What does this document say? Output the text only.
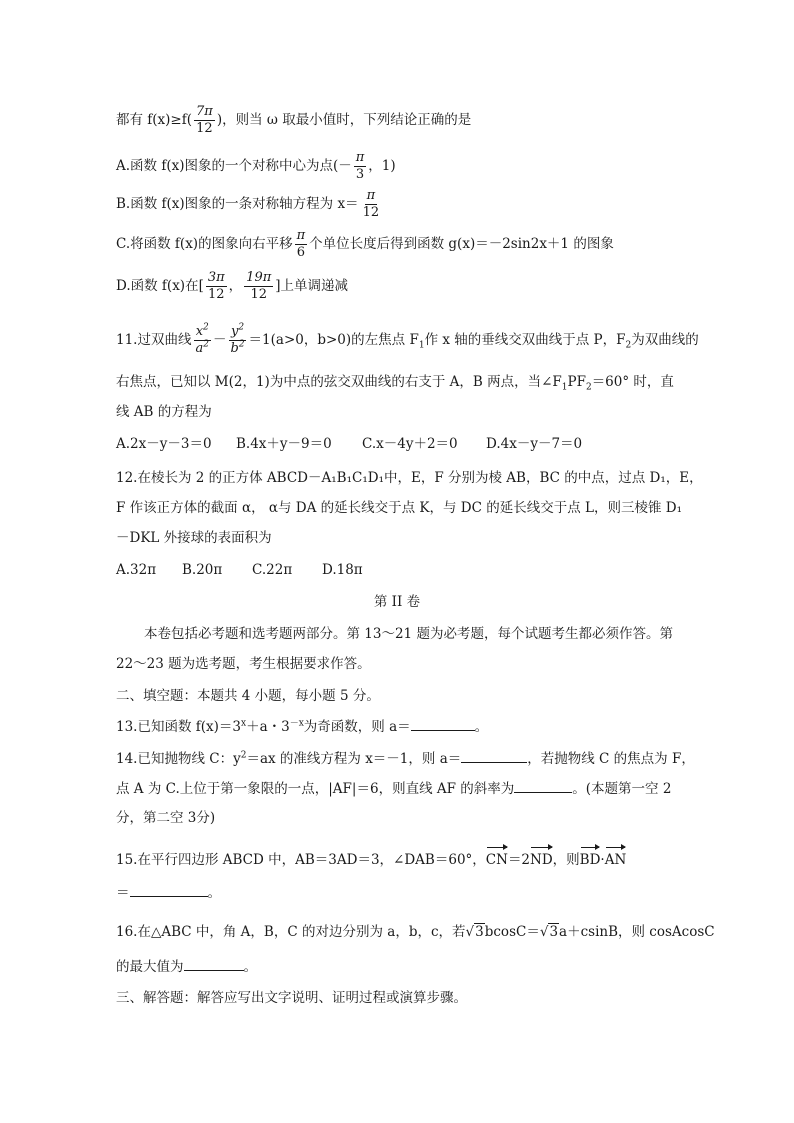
都有 $f(x)\ge f( \frac{7\pi}{12}$ )，则当 ω 取最小值时，下列结论正确的是
A.函数 f(x)图象的一个对称中心为点(－ $\frac{\pi}{3}$ ，1)
B.函数 f(x)图象的一条对称轴方程为 $x= \frac{\pi}{12}$
C.将函数 f(x)的图象向右平移 $\frac{\pi}{6}$ 个单位长度后得到函数 g(x)＝－2sin2x＋1 的图象
D.函数 f(x)在[ $\frac{3\pi}{12}$ ， $\frac{19\pi}{12}$ ]上单调递减
11.过双曲线 $\frac{x^2}{a^2} - \frac{y^2}{b^2} =1(a>0$，b>0)的左焦点 $F_1$作 x 轴的垂线交双曲线于点 P，$F_2$为双曲线的
右焦点，已知以 M(2，1)为中点的弦交双曲线的右支于 A，B 两点，当$\angle F_1PF_2=60^\circ$ 时，直
线 AB 的方程为
A.2x－y－3＝0 B.4x＋y－9＝0 C.x－4y＋2＝0 D.4x－y－7＝0
12.在棱长为 2 的正方体 ABCD－A₁B₁C₁D₁中，E，F 分别为棱 AB，BC 的中点，过点 D₁，E，
F 作该正方体的截面 α， α与 DA 的延长线交于点 K，与 DC 的延长线交于点 L，则三棱锥 D₁
－DKL 外接球的表面积为
A.32π B.20π C.22π D.18π
第 II 卷
本卷包括必考题和选考题两部分。第 13～21 题为必考题，每个试题考生都必须作答。第
22～23 题为选考题，考生根据要求作答。
二、填空题：本题共 4 小题，每小题 5 分。
13.已知函数 $f(x)=3^x+a$・$3^{-x}$为奇函数，则 a＝	。
14.已知抛物线 C：$y^2=ax$ 的准线方程为 x＝－1，则 a＝	，若抛物线 C 的焦点为 F，
点 A 为 C.上位于第一象限的一点，|AF|＝6，则直线 AF 的斜率为	。(本题第一空 2
分，第二空 3分)
15.在平行四边形 ABCD 中，AB＝3AD＝3，∠DAB＝60°，CN＝2ND，则BD·AN
＝	。
16.在△ABC 中，角 A，B，C 的对边分别为 a，b，c，若√3bcosC＝√3a＋csinB，则 cosAcosC
的最大值为	。
三、解答题：解答应写出文字说明、证明过程或演算步骤。
